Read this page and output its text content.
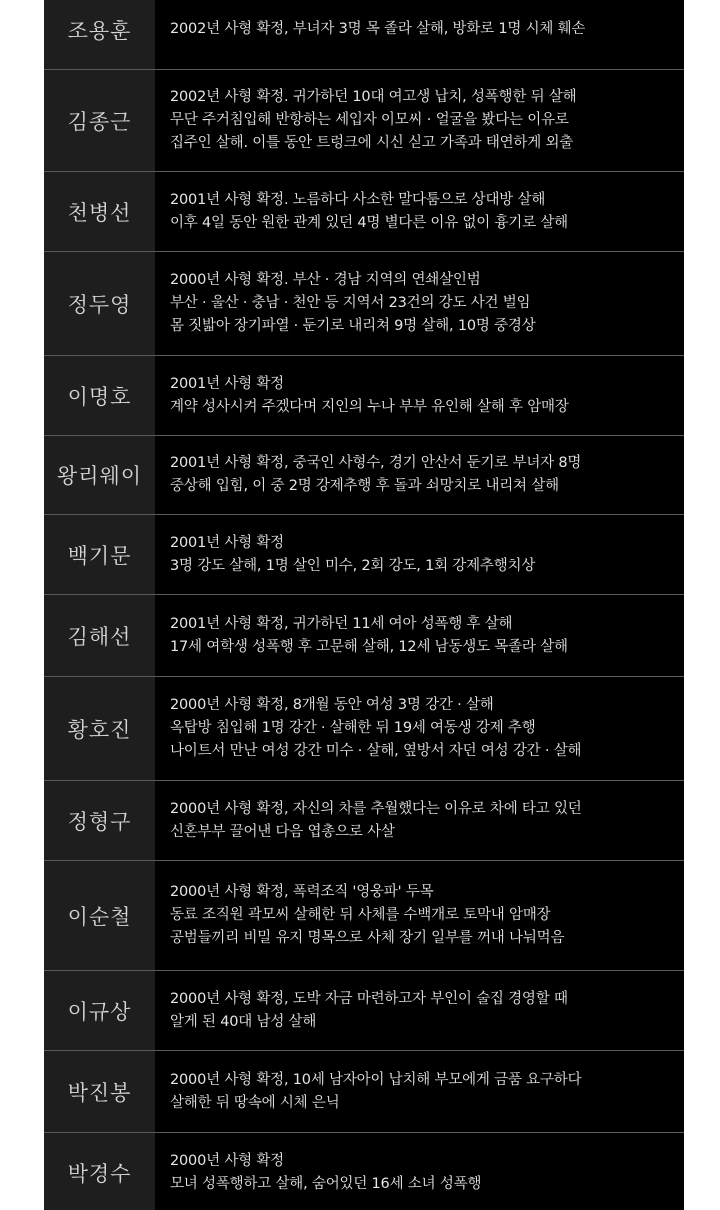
조용훈	2002년 사형 확정, 부녀자 3명 목 졸라 살해, 방화로 1명 시체 훼손
김종근
2002년 사형 확정. 귀가하던 10대 여고생 납치, 성폭행한 뒤 살해
무단 주거침입해 반항하는 세입자 이모씨 · 얼굴을 봤다는 이유로
집주인 살해. 이틀 동안 트렁크에 시신 싣고 가족과 태연하게 외출
천병선
2001년 사형 확정. 노름하다 사소한 말다툼으로 상대방 살해
이후 4일 동안 원한 관계 있던 4명 별다른 이유 없이 흉기로 살해
정두영
2000년 사형 확정. 부산 · 경남 지역의 연쇄살인범
부산 · 울산 · 충남 · 천안 등 지역서 23건의 강도 사건 벌임
몸 짓밟아 장기파열 · 둔기로 내리쳐 9명 살해, 10명 중경상
이명호
2001년 사형 확정
계약 성사시켜 주겠다며 지인의 누나 부부 유인해 살해 후 암매장
왕리웨이
2001년 사형 확정, 중국인 사형수, 경기 안산서 둔기로 부녀자 8명
중상해 입힘, 이 중 2명 강제추행 후 돌과 쇠망치로 내리쳐 살해
백기문
2001년 사형 확정
3명 강도 살해, 1명 살인 미수, 2회 강도, 1회 강제추행치상
김해선
2001년 사형 확정, 귀가하던 11세 여아 성폭행 후 살해
17세 여학생 성폭행 후 고문해 살해, 12세 남동생도 목졸라 살해
황호진
2000년 사형 확정, 8개월 동안 여성 3명 강간 · 살해
옥탑방 침입해 1명 강간 · 살해한 뒤 19세 여동생 강제 추행
나이트서 만난 여성 강간 미수 · 살해, 옆방서 자던 여성 강간 · 살해
정형구
2000년 사형 확정, 자신의 차를 추월했다는 이유로 차에 타고 있던
신혼부부 끌어낸 다음 엽총으로 사살
이순철
2000년 사형 확정, 폭력조직 '영웅파' 두목
동료 조직원 곽모씨 살해한 뒤 사체를 수백개로 토막내 암매장
공범들끼리 비밀 유지 명목으로 사체 장기 일부를 꺼내 나눠먹음
이규상
2000년 사형 확정, 도박 자금 마련하고자 부인이 술집 경영할 때
알게 된 40대 남성 살해
박진봉
2000년 사형 확정, 10세 남자아이 납치해 부모에게 금품 요구하다
살해한 뒤 땅속에 시체 은닉
박경수
2000년 사형 확정
모녀 성폭행하고 살해, 숨어있던 16세 소녀 성폭행
